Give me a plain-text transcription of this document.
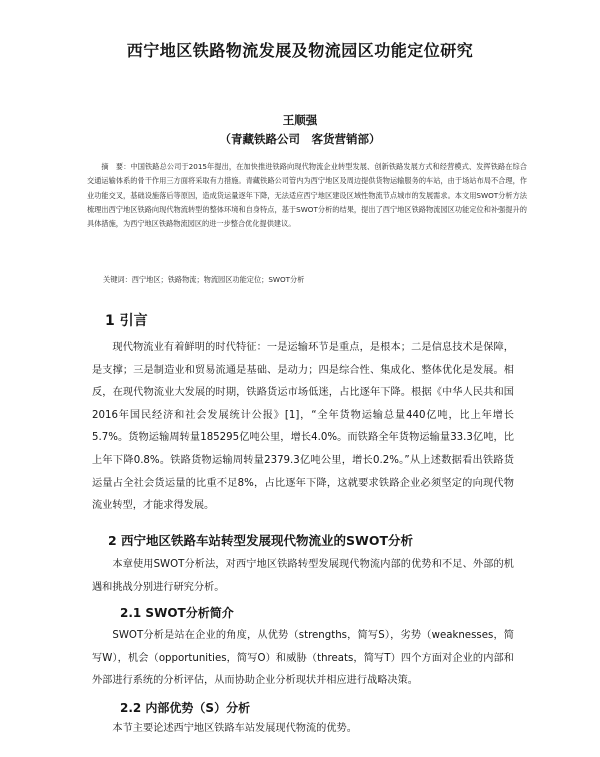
西宁地区铁路物流发展及物流园区功能定位研究
王顺强
（青藏铁路公司　客货营销部）

摘　要：中国铁路总公司于2015年提出，在加快推进铁路向现代物流企业转型发展、创新铁路发展方式和经营模式、发挥铁路在综合交通运输体系的骨干作用三方面将采取有力措施。青藏铁路公司管内为西宁地区及周边提供货物运输服务的车站，由于场站布局不合理，作业功能交叉，基础设施落后等原因，造成货运量逐年下降，无法适应西宁地区建设区域性物流节点城市的发展需求。本文用SWOT分析方法梳理出西宁地区铁路向现代物流转型的整体环境和自身特点，基于SWOT分析的结果，提出了西宁地区铁路物流园区功能定位和补强提升的具体措施，为西宁地区铁路物流园区的进一步整合优化提供建议。

关键词：西宁地区；铁路物流；物流园区功能定位；SWOT分析
1 引言

现代物流业有着鲜明的时代特征：一是运输环节是重点，是根本；二是信息技术是保障，是支撑；三是制造业和贸易流通是基础、是动力；四是综合性、集成化、整体优化是发展。相反，在现代物流业大发展的时期，铁路货运市场低迷，占比逐年下降。根据《中华人民共和国2016年国民经济和社会发展统计公报》[1]，“全年货物运输总量440亿吨，比上年增长5.7%。货物运输周转量185295亿吨公里，增长4.0%。而铁路全年货物运输量33.3亿吨，比上年下降0.8%。铁路货物运输周转量2379.3亿吨公里，增长0.2%。”从上述数据看出铁路货运量占全社会货运量的比重不足8%，占比逐年下降，这就要求铁路企业必须坚定的向现代物流业转型，才能求得发展。

2 西宁地区铁路车站转型发展现代物流业的SWOT分析

本章使用SWOT分析法，对西宁地区铁路转型发展现代物流内部的优势和不足、外部的机遇和挑战分别进行研究分析。

2.1 SWOT分析简介

SWOT分析是站在企业的角度，从优势（strengths，简写S），劣势（weaknesses，简写W），机会（opportunities，简写O）和威胁（threats，简写T）四个方面对企业的内部和外部进行系统的分析评估，从而协助企业分析现状并相应进行战略决策。

2.2 内部优势（S）分析

本节主要论述西宁地区铁路车站发展现代物流的优势。
